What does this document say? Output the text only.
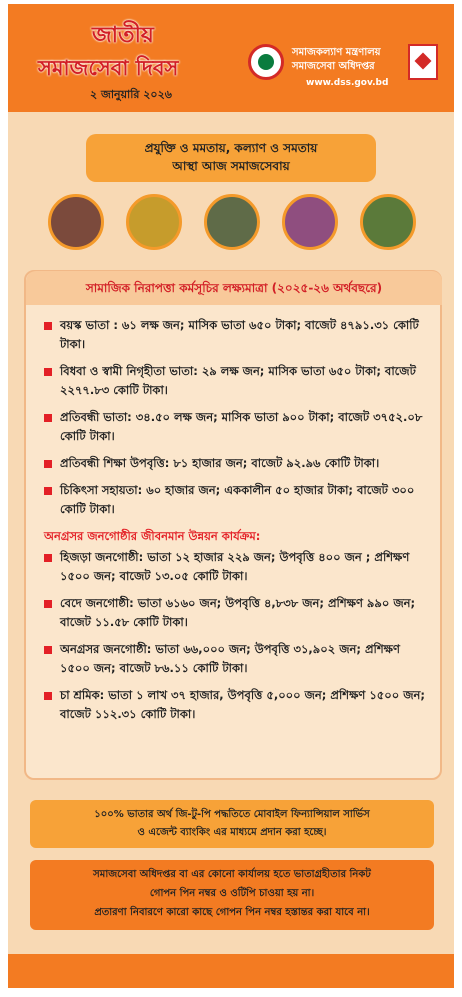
জাতীয়
সমাজসেবা দিবস
২ জানুয়ারি ২০২৬
সমাজকল্যাণ মন্ত্রণালয়
সমাজসেবা অধিদপ্তর
www.dss.gov.bd
প্রযুক্তি ও মমতায়, কল্যাণ ও সমতায়
আস্থা আজ সমাজসেবায়
সামাজিক নিরাপত্তা কর্মসূচির লক্ষ্যমাত্রা (২০২৫-২৬ অর্থবছরে)
বয়স্ক ভাতা : ৬১ লক্ষ জন; মাসিক ভাতা ৬৫০ টাকা; বাজেট ৪৭৯১.৩১ কোটি টাকা।
বিধবা ও স্বামী নিগৃহীতা ভাতা: ২৯ লক্ষ জন; মাসিক ভাতা ৬৫০ টাকা; বাজেট ২২৭৭.৮৩ কোটি টাকা।
প্রতিবন্ধী ভাতা: ৩৪.৫০ লক্ষ জন; মাসিক ভাতা ৯০০ টাকা; বাজেট ৩৭৫২.০৮ কোটি টাকা।
প্রতিবন্ধী শিক্ষা উপবৃত্তি: ৮১ হাজার জন; বাজেট ৯২.৯৬ কোটি টাকা।
চিকিৎসা সহায়তা: ৬০ হাজার জন; এককালীন ৫০ হাজার টাকা; বাজেট ৩০০ কোটি টাকা।
অনগ্রসর জনগোষ্ঠীর জীবনমান উন্নয়ন কার্যক্রম:
হিজড়া জনগোষ্ঠী: ভাতা ১২ হাজার ২২৯ জন; উপবৃত্তি ৪০০ জন ; প্রশিক্ষণ ১৫০০ জন; বাজেট ১৩.০৫ কোটি টাকা।
বেদে জনগোষ্ঠী: ভাতা ৬১৬০ জন; উপবৃত্তি ৪,৮৩৮ জন; প্রশিক্ষণ ৯৯০ জন; বাজেট ১১.৫৮ কোটি টাকা।
অনগ্রসর জনগোষ্ঠী: ভাতা ৬৬,০০০ জন; উপবৃত্তি ৩১,৯০২ জন; প্রশিক্ষণ ১৫০০ জন; বাজেট ৮৬.১১ কোটি টাকা।
চা শ্রমিক: ভাতা ১ লাখ ৩৭ হাজার, উপবৃত্তি ৫,০০০ জন; প্রশিক্ষণ ১৫০০ জন; বাজেট ১১২.৩১ কোটি টাকা।
১০০% ভাতার অর্থ জি-টু-পি পদ্ধতিতে মোবাইল ফিন্যান্সিয়াল সার্ভিস
ও এজেন্ট ব্যাংকিং এর মাধ্যমে প্রদান করা হচ্ছে।
সমাজসেবা অধিদপ্তর বা এর কোনো কার্যালয় হতে ভাতাগ্রহীতার নিকট
গোপন পিন নম্বর ও ওটিপি চাওয়া হয় না।
প্রতারণা নিবারণে কারো কাছে গোপন পিন নম্বর হস্তান্তর করা যাবে না।
